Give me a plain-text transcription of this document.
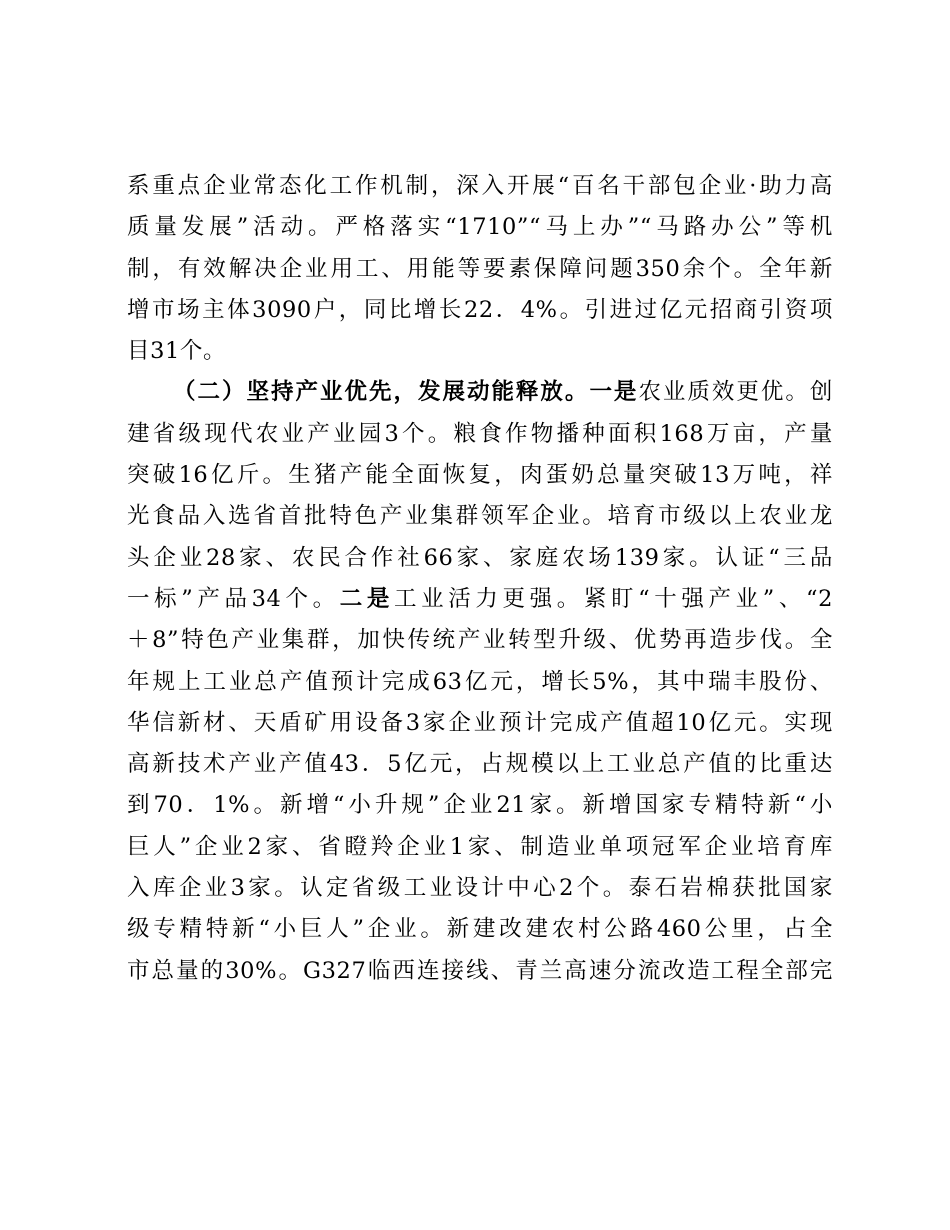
系重点企业常态化工作机制，深入开展“百名干部包企业·助力高
质量发展”活动。严格落实“1710”“马上办”“马路办公”等机
制，有效解决企业用工、用能等要素保障问题350余个。全年新
增市场主体3090户，同比增长22．4%。引进过亿元招商引资项
目31个。
（二）坚持产业优先，发展动能释放。一是农业质效更优。创
建省级现代农业产业园3个。粮食作物播种面积168万亩，产量
突破16亿斤。生猪产能全面恢复，肉蛋奶总量突破13万吨，祥
光食品入选省首批特色产业集群领军企业。培育市级以上农业龙
头企业28家、农民合作社66家、家庭农场139家。认证“三品
一标”产品34个。二是工业活力更强。紧盯“十强产业”、“2
＋8”特色产业集群，加快传统产业转型升级、优势再造步伐。全
年规上工业总产值预计完成63亿元，增长5%，其中瑞丰股份、
华信新材、天盾矿用设备3家企业预计完成产值超10亿元。实现
高新技术产业产值43．5亿元，占规模以上工业总产值的比重达
到70．1%。新增“小升规”企业21家。新增国家专精特新“小
巨人”企业2家、省瞪羚企业1家、制造业单项冠军企业培育库
入库企业3家。认定省级工业设计中心2个。泰石岩棉获批国家
级专精特新“小巨人”企业。新建改建农村公路460公里，占全
市总量的30%。G327临西连接线、青兰高速分流改造工程全部完
